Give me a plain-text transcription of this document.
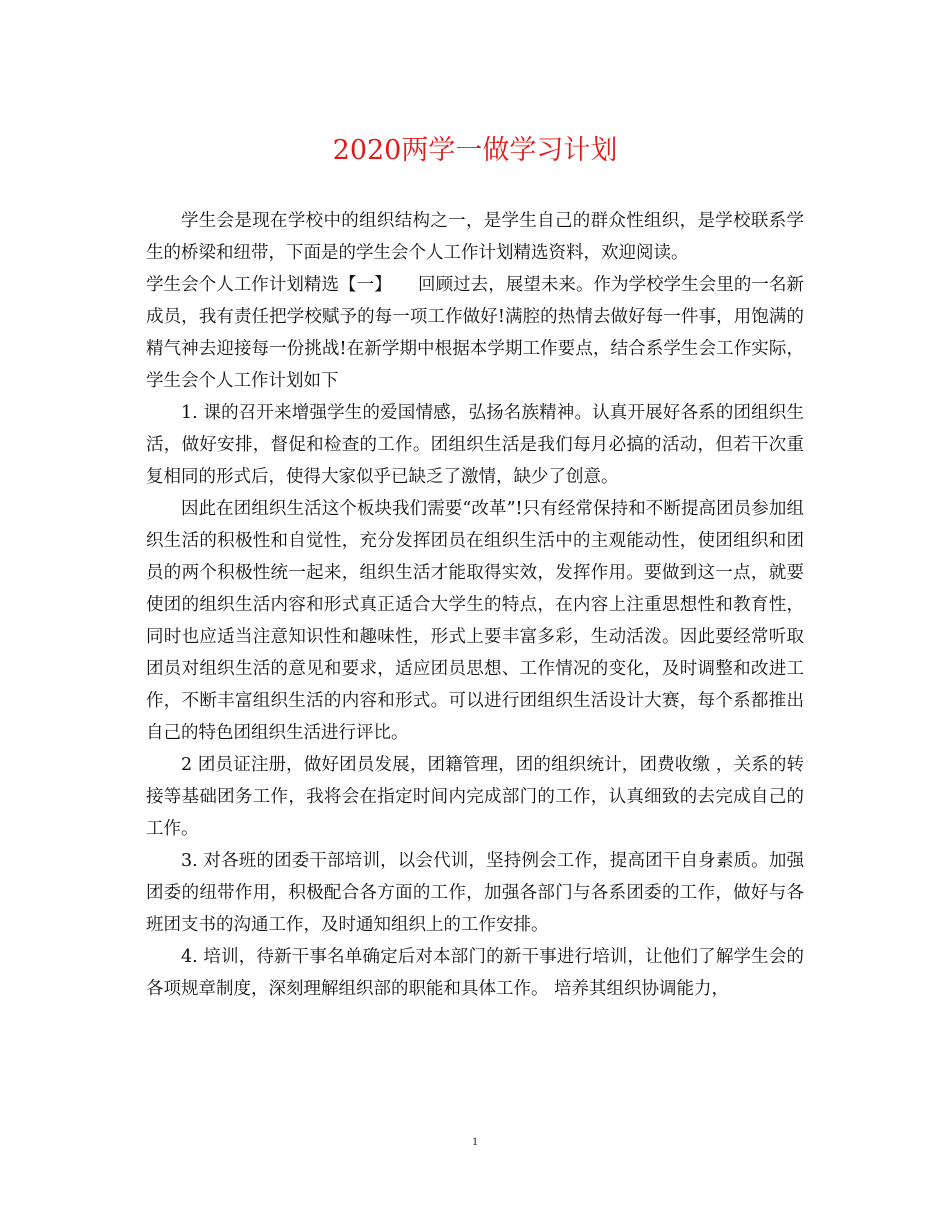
2020两学一做学习计划

学生会是现在学校中的组织结构之一，是学生自己的群众性组织，是学校联系学生的桥梁和纽带，下面是的学生会个人工作计划精选资料，欢迎阅读。

学生会个人工作计划精选【一】　　回顾过去，展望未来。作为学校学生会里的一名新成员，我有责任把学校赋予的每一项工作做好!满腔的热情去做好每一件事，用饱满的精气神去迎接每一份挑战!在新学期中根据本学期工作要点，结合系学生会工作实际，学生会个人工作计划如下

1. 课的召开来增强学生的爱国情感，弘扬名族精神。认真开展好各系的团组织生活，做好安排，督促和检查的工作。团组织生活是我们每月必搞的活动，但若干次重复相同的形式后，使得大家似乎已缺乏了激情，缺少了创意。

因此在团组织生活这个板块我们需要“改革”!只有经常保持和不断提高团员参加组织生活的积极性和自觉性，充分发挥团员在组织生活中的主观能动性，使团组织和团员的两个积极性统一起来，组织生活才能取得实效，发挥作用。要做到这一点，就要使团的组织生活内容和形式真正适合大学生的特点，在内容上注重思想性和教育性，同时也应适当注意知识性和趣味性，形式上要丰富多彩，生动活泼。因此要经常听取团员对组织生活的意见和要求，适应团员思想、工作情况的变化，及时调整和改进工作，不断丰富组织生活的内容和形式。可以进行团组织生活设计大赛，每个系都推出自己的特色团组织生活进行评比。

2 团员证注册，做好团员发展，团籍管理，团的组织统计，团费收缴 ，关系的转接等基础团务工作，我将会在指定时间内完成部门的工作，认真细致的去完成自己的工作。

3. 对各班的团委干部培训，以会代训，坚持例会工作，提高团干自身素质。加强团委的纽带作用，积极配合各方面的工作，加强各部门与各系团委的工作，做好与各班团支书的沟通工作，及时通知组织上的工作安排。

4. 培训，待新干事名单确定后对本部门的新干事进行培训，让他们了解学生会的各项规章制度，深刻理解组织部的职能和具体工作。 培养其组织协调能力，

1
